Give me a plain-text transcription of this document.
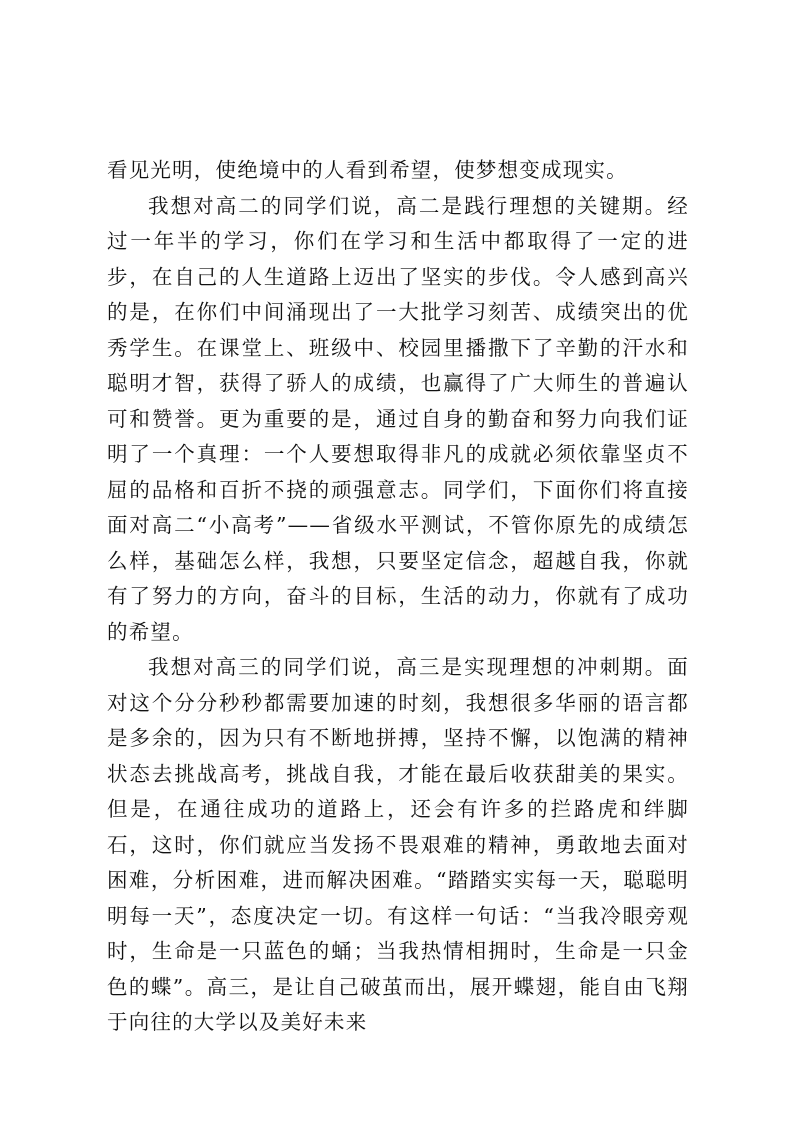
看见光明，使绝境中的人看到希望，使梦想变成现实。

我想对高二的同学们说，高二是践行理想的关键期。经过一年半的学习，你们在学习和生活中都取得了一定的进步，在自己的人生道路上迈出了坚实的步伐。令人感到高兴的是，在你们中间涌现出了一大批学习刻苦、成绩突出的优秀学生。在课堂上、班级中、校园里播撒下了辛勤的汗水和聪明才智，获得了骄人的成绩，也赢得了广大师生的普遍认可和赞誉。更为重要的是，通过自身的勤奋和努力向我们证明了一个真理：一个人要想取得非凡的成就必须依靠坚贞不屈的品格和百折不挠的顽强意志。同学们，下面你们将直接面对高二“小高考”——省级水平测试，不管你原先的成绩怎么样，基础怎么样，我想，只要坚定信念，超越自我，你就有了努力的方向，奋斗的目标，生活的动力，你就有了成功的希望。

我想对高三的同学们说，高三是实现理想的冲刺期。面对这个分分秒秒都需要加速的时刻，我想很多华丽的语言都是多余的，因为只有不断地拼搏，坚持不懈，以饱满的精神状态去挑战高考，挑战自我，才能在最后收获甜美的果实。但是，在通往成功的道路上，还会有许多的拦路虎和绊脚石，这时，你们就应当发扬不畏艰难的精神，勇敢地去面对困难，分析困难，进而解决困难。“踏踏实实每一天，聪聪明明每一天”，态度决定一切。有这样一句话：“当我冷眼旁观时，生命是一只蓝色的蛹；当我热情相拥时，生命是一只金色的蝶”。高三，是让自己破茧而出，展开蝶翅，能自由飞翔于向往的大学以及美好未来
